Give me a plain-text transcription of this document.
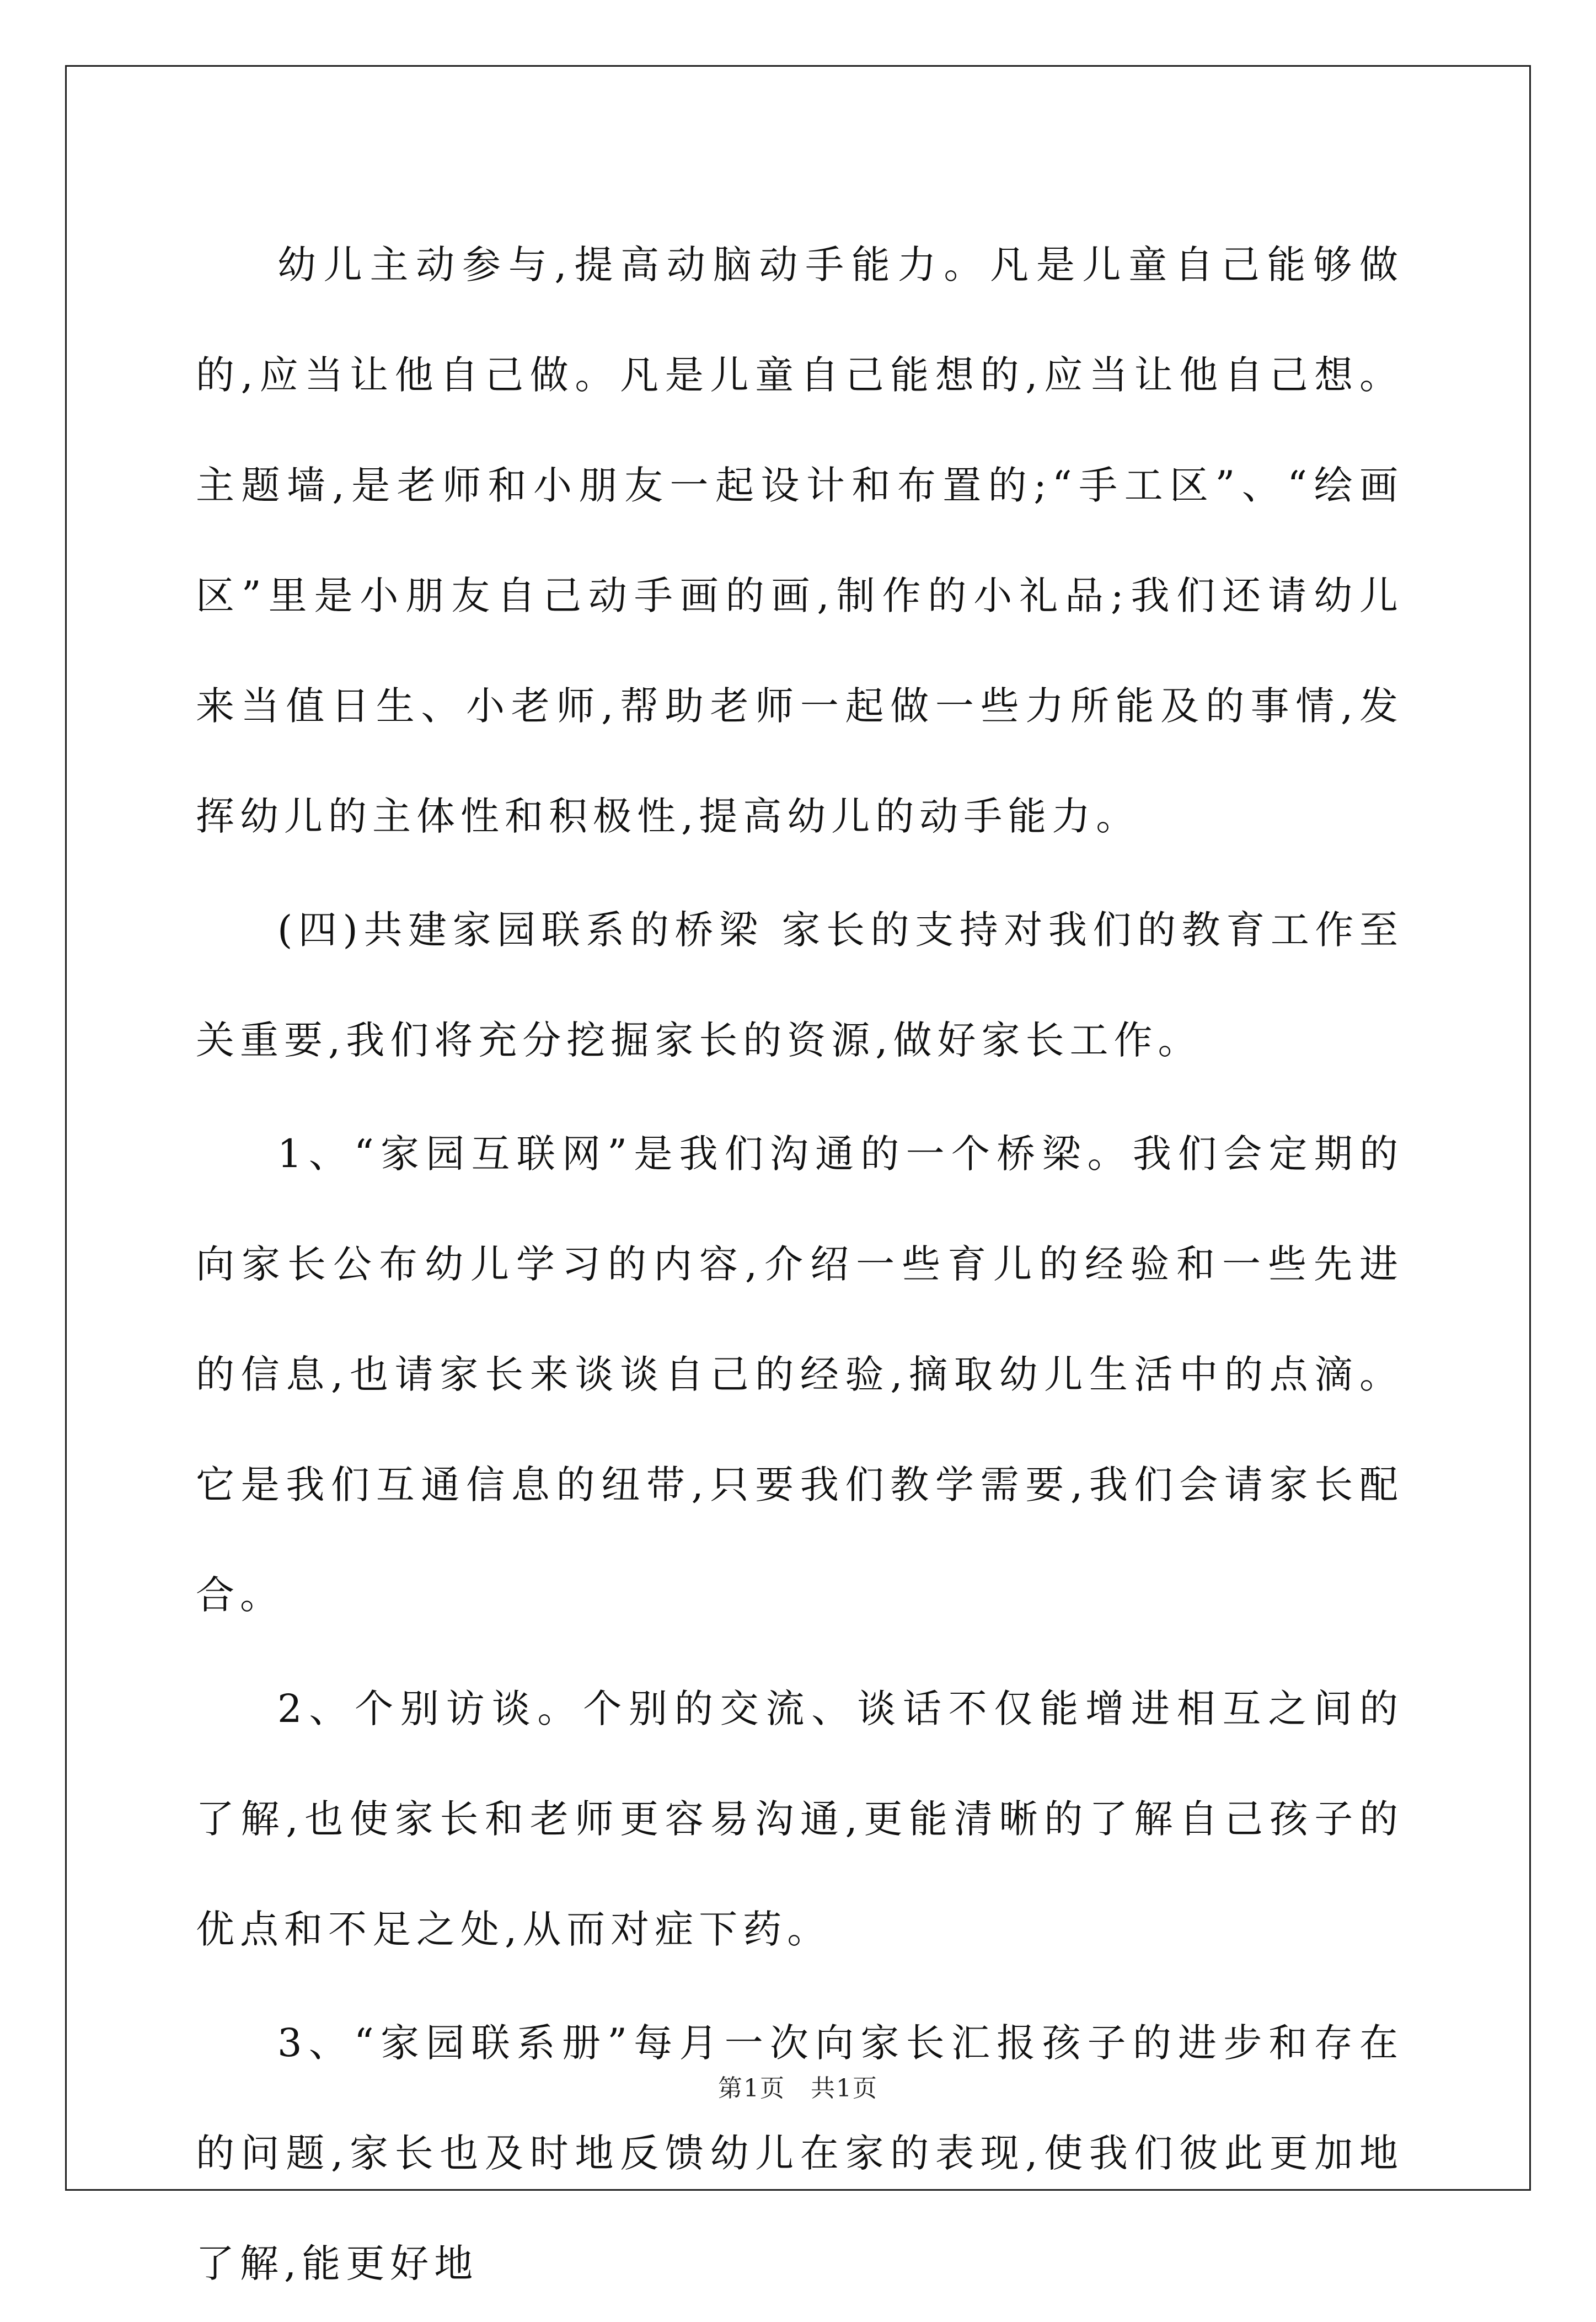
幼儿主动参与,提高动脑动手能力。凡是儿童自己能够做的,应当让他自己做。凡是儿童自己能想的,应当让他自己想。主题墙,是老师和小朋友一起设计和布置的;“手工区”、“绘画区”里是小朋友自己动手画的画,制作的小礼品;我们还请幼儿来当值日生、小老师,帮助老师一起做一些力所能及的事情,发挥幼儿的主体性和积极性,提高幼儿的动手能力。

(四)共建家园联系的桥梁 家长的支持对我们的教育工作至关重要,我们将充分挖掘家长的资源,做好家长工作。

1、“家园互联网”是我们沟通的一个桥梁。我们会定期的向家长公布幼儿学习的内容,介绍一些育儿的经验和一些先进的信息,也请家长来谈谈自己的经验,摘取幼儿生活中的点滴。它是我们互通信息的纽带,只要我们教学需要,我们会请家长配合。

2、个别访谈。个别的交流、谈话不仅能增进相互之间的了解,也使家长和老师更容易沟通,更能清晰的了解自己孩子的优点和不足之处,从而对症下药。

3、“家园联系册”每月一次向家长汇报孩子的进步和存在的问题,家长也及时地反馈幼儿在家的表现,使我们彼此更加地了解,能更好地

第1页　共1页
